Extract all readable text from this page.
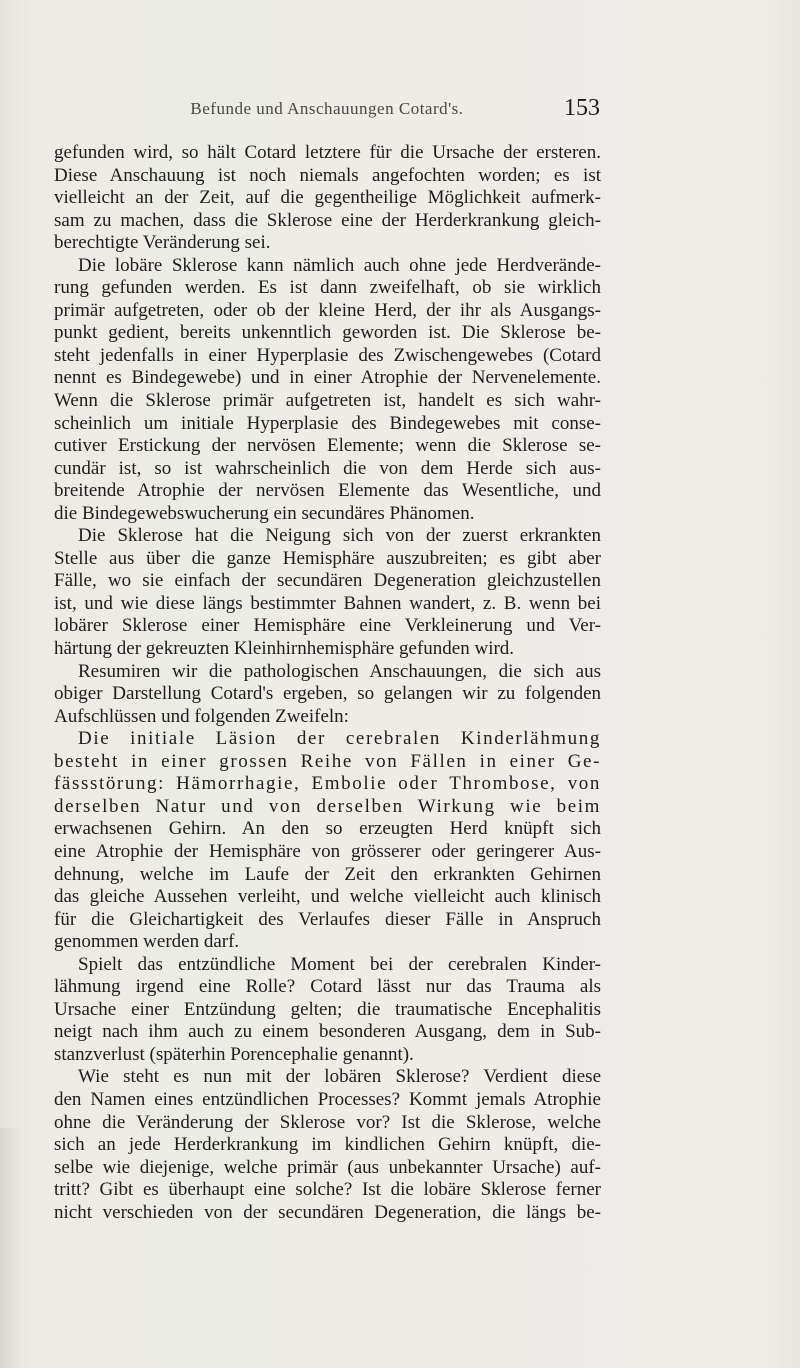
Befunde und Anschauungen Cotard's.	153
gefunden wird, so hält Cotard letztere für die Ursache der ersteren.
Diese Anschauung ist noch niemals angefochten worden; es ist
vielleicht an der Zeit, auf die gegentheilige Möglichkeit aufmerk-
sam zu machen, dass die Sklerose eine der Herderkrankung gleich-
berechtigte Veränderung sei.
Die lobäre Sklerose kann nämlich auch ohne jede Herdverände-
rung gefunden werden. Es ist dann zweifelhaft, ob sie wirklich
primär aufgetreten, oder ob der kleine Herd, der ihr als Ausgangs-
punkt gedient, bereits unkenntlich geworden ist. Die Sklerose be-
steht jedenfalls in einer Hyperplasie des Zwischengewebes (Cotard
nennt es Bindegewebe) und in einer Atrophie der Nervenelemente.
Wenn die Sklerose primär aufgetreten ist, handelt es sich wahr-
scheinlich um initiale Hyperplasie des Bindegewebes mit conse-
cutiver Erstickung der nervösen Elemente; wenn die Sklerose se-
cundär ist, so ist wahrscheinlich die von dem Herde sich aus-
breitende Atrophie der nervösen Elemente das Wesentliche, und
die Bindegewebswucherung ein secundäres Phänomen.
Die Sklerose hat die Neigung sich von der zuerst erkrankten
Stelle aus über die ganze Hemisphäre auszubreiten; es gibt aber
Fälle, wo sie einfach der secundären Degeneration gleichzustellen
ist, und wie diese längs bestimmter Bahnen wandert, z. B. wenn bei
lobärer Sklerose einer Hemisphäre eine Verkleinerung und Ver-
härtung der gekreuzten Kleinhirnhemisphäre gefunden wird.
Resumiren wir die pathologischen Anschauungen, die sich aus
obiger Darstellung Cotard's ergeben, so gelangen wir zu folgenden
Aufschlüssen und folgenden Zweifeln:
Die initiale Läsion der cerebralen Kinderlähmung
besteht in einer grossen Reihe von Fällen in einer Ge-
fässstörung: Hämorrhagie, Embolie oder Thrombose, von
derselben Natur und von derselben Wirkung wie beim
erwachsenen Gehirn. An den so erzeugten Herd knüpft sich
eine Atrophie der Hemisphäre von grösserer oder geringerer Aus-
dehnung, welche im Laufe der Zeit den erkrankten Gehirnen
das gleiche Aussehen verleiht, und welche vielleicht auch klinisch
für die Gleichartigkeit des Verlaufes dieser Fälle in Anspruch
genommen werden darf.
Spielt das entzündliche Moment bei der cerebralen Kinder-
lähmung irgend eine Rolle? Cotard lässt nur das Trauma als
Ursache einer Entzündung gelten; die traumatische Encephalitis
neigt nach ihm auch zu einem besonderen Ausgang, dem in Sub-
stanzverlust (späterhin Porencephalie genannt).
Wie steht es nun mit der lobären Sklerose? Verdient diese
den Namen eines entzündlichen Processes? Kommt jemals Atrophie
ohne die Veränderung der Sklerose vor? Ist die Sklerose, welche
sich an jede Herderkrankung im kindlichen Gehirn knüpft, die-
selbe wie diejenige, welche primär (aus unbekannter Ursache) auf-
tritt? Gibt es überhaupt eine solche? Ist die lobäre Sklerose ferner
nicht verschieden von der secundären Degeneration, die längs be-
